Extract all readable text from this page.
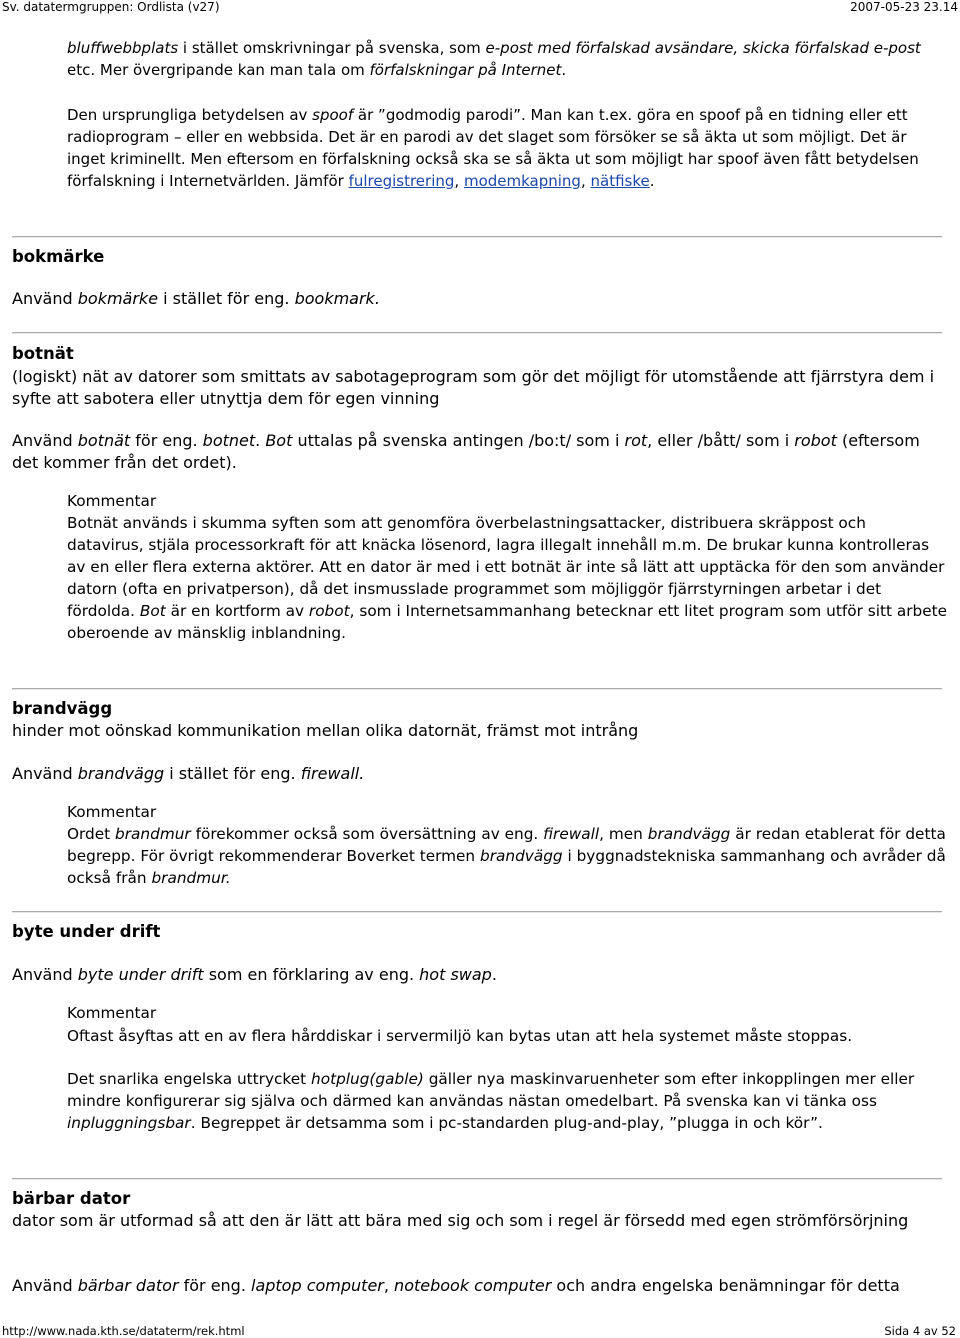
Sv. datatermgruppen: Ordlista (v27)	2007-05-23 23.14

bluffwebbplats i stället omskrivningar på svenska, som e-post med förfalskad avsändare, skicka förfalskad e-post etc. Mer övergripande kan man tala om förfalskningar på Internet.

Den ursprungliga betydelsen av spoof är ”godmodig parodi”. Man kan t.ex. göra en spoof på en tidning eller ett radioprogram – eller en webbsida. Det är en parodi av det slaget som försöker se så äkta ut som möjligt. Det är inget kriminellt. Men eftersom en förfalskning också ska se så äkta ut som möjligt har spoof även fått betydelsen förfalskning i Internetvärlden. Jämför fulregistrering, modemkapning, nätfiske.

bokmärke

Använd bokmärke i stället för eng. bookmark.

botnät

(logiskt) nät av datorer som smittats av sabotageprogram som gör det möjligt för utomstående att fjärrstyra dem i syfte att sabotera eller utnyttja dem för egen vinning

Använd botnät för eng. botnet. Bot uttalas på svenska antingen /bo:t/ som i rot, eller /bått/ som i robot (eftersom det kommer från det ordet).

Kommentar

Botnät används i skumma syften som att genomföra överbelastningsattacker, distribuera skräppost och datavirus, stjäla processorkraft för att knäcka lösenord, lagra illegalt innehåll m.m. De brukar kunna kontrolleras av en eller flera externa aktörer. Att en dator är med i ett botnät är inte så lätt att upptäcka för den som använder datorn (ofta en privatperson), då det insmusslade programmet som möjliggör fjärrstyrningen arbetar i det fördolda. Bot är en kortform av robot, som i Internetsammanhang betecknar ett litet program som utför sitt arbete oberoende av mänsklig inblandning.

brandvägg

hinder mot oönskad kommunikation mellan olika datornät, främst mot intrång

Använd brandvägg i stället för eng. firewall.

Kommentar

Ordet brandmur förekommer också som översättning av eng. firewall, men brandvägg är redan etablerat för detta begrepp. För övrigt rekommenderar Boverket termen brandvägg i byggnadstekniska sammanhang och avråder då också från brandmur.

byte under drift

Använd byte under drift som en förklaring av eng. hot swap.

Kommentar

Oftast åsyftas att en av flera hårddiskar i servermiljö kan bytas utan att hela systemet måste stoppas.

Det snarlika engelska uttrycket hotplug(gable) gäller nya maskinvaruenheter som efter inkopplingen mer eller mindre konfigurerar sig själva och därmed kan användas nästan omedelbart. På svenska kan vi tänka oss inpluggningsbar. Begreppet är detsamma som i pc-standarden plug-and-play, ”plugga in och kör”.

bärbar dator

dator som är utformad så att den är lätt att bära med sig och som i regel är försedd med egen strömförsörjning

Använd bärbar dator för eng. laptop computer, notebook computer och andra engelska benämningar för detta

http://www.nada.kth.se/dataterm/rek.html	Sida 4 av 52
